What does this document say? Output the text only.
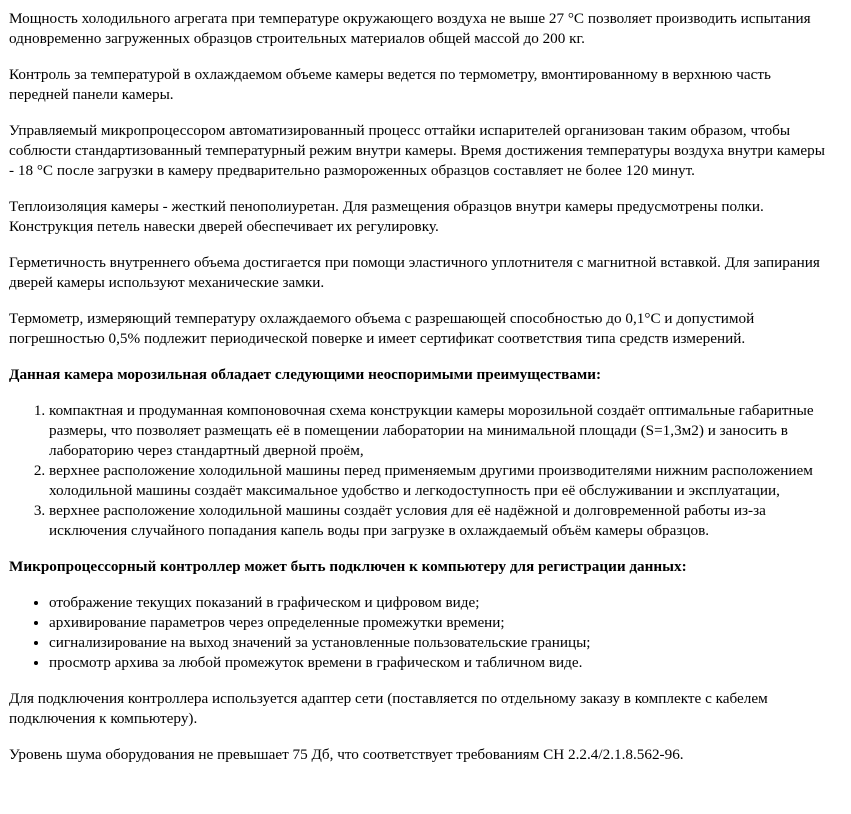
Мощность холодильного агрегата при температуре окружающего воздуха не выше 27 °С позволяет производить испытания одновременно загруженных образцов строительных материалов общей массой до 200 кг.

Контроль за температурой в охлаждаемом объеме камеры ведется по термометру, вмонтированному в верхнюю часть передней панели камеры.

Управляемый микропроцессором автоматизированный процесс оттайки испарителей организован таким образом, чтобы соблюсти стандартизованный температурный режим внутри камеры. Время достижения температуры воздуха внутри камеры - 18 °С после загрузки в камеру предварительно размороженных образцов составляет не более 120 минут.

Теплоизоляция камеры - жесткий пенополиуретан. Для размещения образцов внутри камеры предусмотрены полки. Конструкция петель навески дверей обеспечивает их регулировку.

Герметичность внутреннего объема достигается при помощи эластичного уплотнителя с магнитной вставкой. Для запирания дверей камеры используют механические замки.

Термометр, измеряющий температуру охлаждаемого объема с разрешающей способностью до 0,1°С и допустимой погрешностью 0,5% подлежит периодической поверке и имеет сертификат соответствия типа средств измерений.

Данная камера морозильная обладает следующими неоспоримыми преимуществами:

1. компактная и продуманная компоновочная схема конструкции камеры морозильной создаёт оптимальные габаритные размеры, что позволяет размещать её в помещении лаборатории на минимальной площади (S=1,3м2) и заносить в лабораторию через стандартный дверной проём,
2. верхнее расположение холодильной машины перед применяемым другими производителями нижним расположением холодильной машины создаёт максимальное удобство и легкодоступность при её обслуживании и эксплуатации,
3. верхнее расположение холодильной машины создаёт условия для её надёжной и долговременной работы из-за исключения случайного попадания капель воды при загрузке в охлаждаемый объём камеры образцов.

Микропроцессорный контроллер может быть подключен к компьютеру для регистрации данных:

• отображение текущих показаний в графическом и цифровом виде;
• архивирование параметров через определенные промежутки времени;
• сигнализирование на выход значений за установленные пользовательские границы;
• просмотр архива за любой промежуток времени в графическом и табличном виде.

Для подключения контроллера используется адаптер сети (поставляется по отдельному заказу в комплекте с кабелем подключения к компьютеру).

Уровень шума оборудования не превышает 75 Дб, что соответствует требованиям СН 2.2.4/2.1.8.562-96.
